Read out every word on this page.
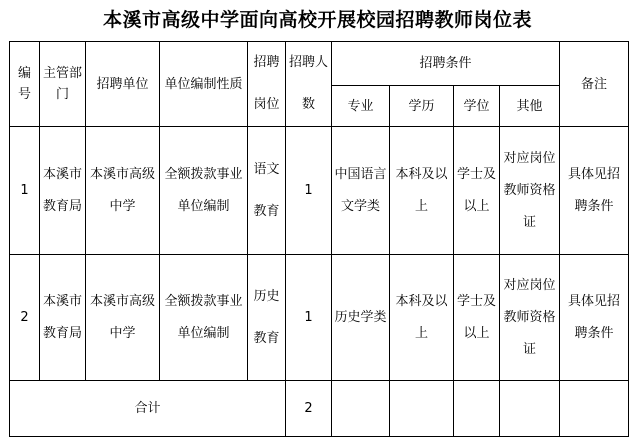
本溪市高级中学面向高校开展校园招聘教师岗位表
编号	主管部门	招聘单位	单位编制性质	招聘岗位	招聘人数	招聘条件				备注
						专业	学历	学位	其他	
1	本溪市教育局	本溪市高级中学	全额拨款事业单位编制	语文教育	1	中国语言文学类	本科及以上	学士及以上	对应岗位教师资格证	具体见招聘条件
2	本溪市教育局	本溪市高级中学	全额拨款事业单位编制	历史教育	1	历史学类	本科及以上	学士及以上	对应岗位教师资格证	具体见招聘条件
合计					2					
